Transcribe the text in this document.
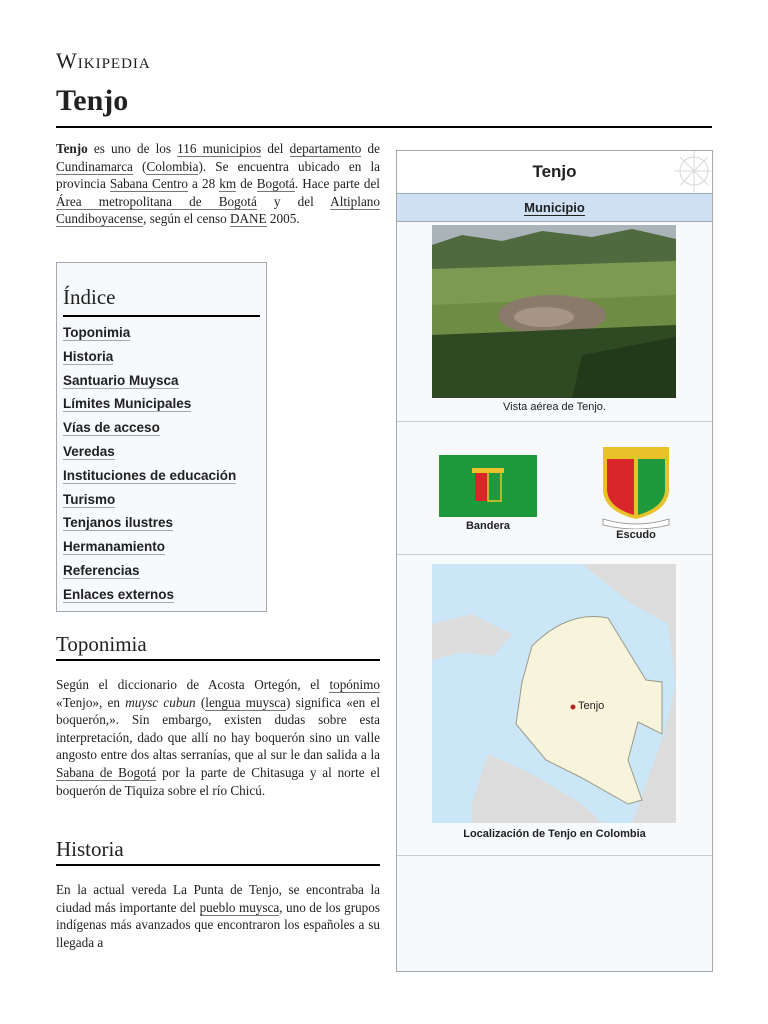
Wikipedia
Tenjo
Tenjo es uno de los 116 municipios del departamento de Cundinamarca (Colombia). Se encuentra ubicado en la provincia Sabana Centro a 28 km de Bogotá. Hace parte del Área metropolitana de Bogotá y del Altiplano Cundiboyacense, según el censo DANE 2005.
Índice
Toponimia
Historia
Santuario Muysca
Límites Municipales
Vías de acceso
Veredas
Instituciones de educación
Turismo
Tenjanos ilustres
Hermanamiento
Referencias
Enlaces externos
Toponimia
Según el diccionario de Acosta Ortegón, el topónimo «Tenjo», en muysc cubun (lengua muysca) significa «en el boquerón,». Sin embargo, existen dudas sobre esta interpretación, dado que allí no hay boquerón sino un valle angosto entre dos altas serranías, que al sur le dan salida a la Sabana de Bogotá por la parte de Chitasuga y al norte el boquerón de Tiquiza sobre el río Chicú.
Historia
En la actual vereda La Punta de Tenjo, se encontraba la ciudad más importante del pueblo muysca, uno de los grupos indígenas más avanzados que encontraron los españoles a su llegada a
Tenjo
Municipio
Vista aérea de Tenjo.
Bandera
Escudo
Tenjo
Localización de Tenjo en Colombia
